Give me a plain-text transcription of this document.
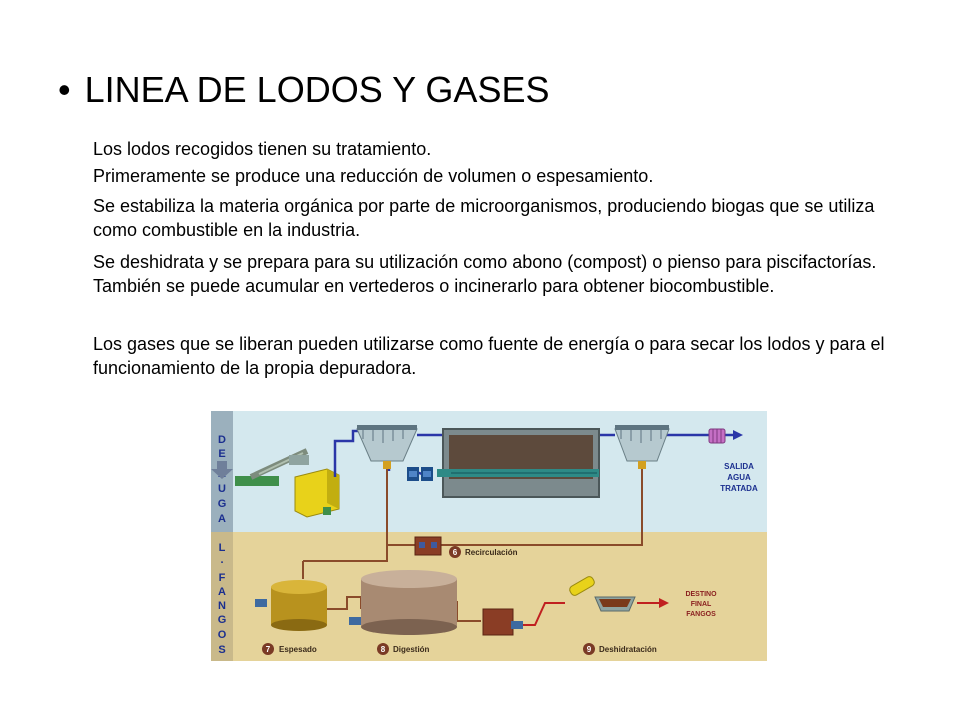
• LINEA DE LODOS Y GASES
Los lodos recogidos tienen su tratamiento.
Primeramente se produce una reducción de volumen o espesamiento.
Se estabiliza la materia orgánica por parte de microorganismos, produciendo biogas que se utiliza como combustible en la industria.
Se deshidrata y se prepara para su utilización como abono (compost) o pienso para piscifactorías. También se puede acumular en vertederos o incinerarlo para obtener biocombustible.
Los gases que se liberan pueden utilizarse como fuente de energía o para secar los lodos y para el funcionamiento de la propia depuradora.
D
E
U
G
A
L
.
F
A
N
G
O
S
SALIDA
AGUA
TRATADA
DESTINO
FINAL
FANGOS
6 Recirculación
7 Espesado	8 Digestión	9 Deshidratación
